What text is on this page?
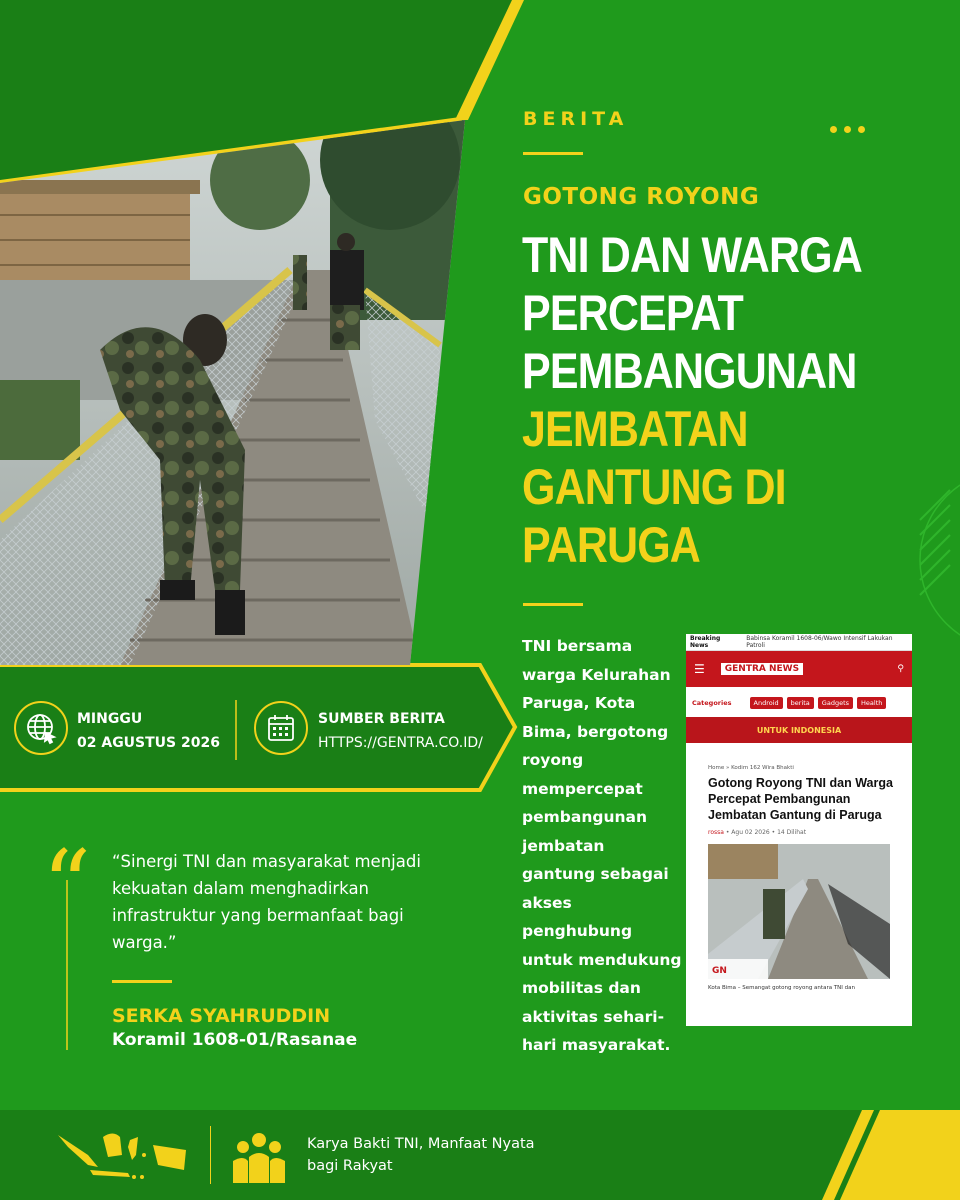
BERITA
GOTONG ROYONG
TNI DAN WARGA
PERCEPAT
PEMBANGUNAN
JEMBATAN
GANTUNG DI
PARUGA
TNI bersama warga Kelurahan Paruga, Kota Bima, bergotong royong mempercepat pembangunan jembatan gantung sebagai akses penghubung untuk mendukung mobilitas dan aktivitas sehari-hari masyarakat.
MINGGU
02 AGUSTUS 2026
SUMBER BERITA
HTTPS://GENTRA.CO.ID/
“ “Sinergi TNI dan masyarakat menjadi kekuatan dalam menghadirkan infrastruktur yang bermanfaat bagi warga.”
SERKA SYAHRUDDIN
Koramil 1608-01/Rasanae
Breaking News
Babinsa Koramil 1608-06/Wawo Intensif Lakukan Patroli
☰	GENTRA NEWS	⚲
Categories	Android	berita	Gadgets	Health
UNTUK INDONESIA
Home » Kodim 162 Wira Bhakti
Gotong Royong TNI dan Warga Percepat Pembangunan Jembatan Gantung di Paruga
rossa • Agu 02 2026 • 14 Dilihat
GN
Kota Bima – Semangat gotong royong antara TNI dan
Karya Bakti TNI, Manfaat Nyata
bagi Rakyat
